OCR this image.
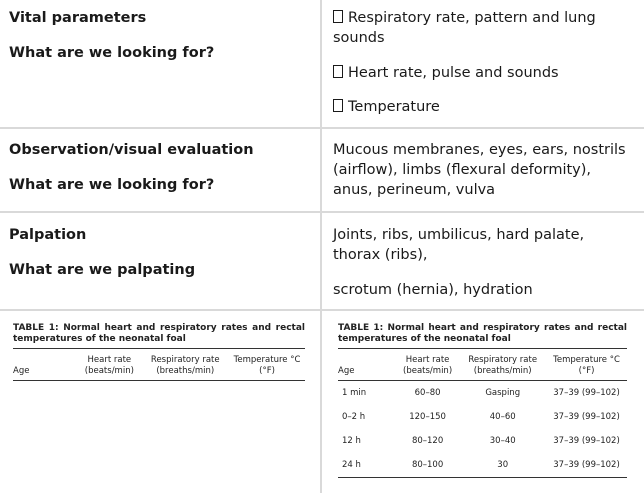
Vital parameters

What are we looking for?

Respiratory rate, pattern and lung sounds

Heart rate, pulse and sounds

Temperature

Observation/visual evaluation

What are we looking for?

Mucous membranes, eyes, ears, nostrils (airflow), limbs (flexural deformity), anus, perineum, vulva

Palpation

What are we palpating

Joints, ribs, umbilicus, hard palate, thorax (ribs),

scrotum (hernia), hydration

TABLE 1: Normal heart and respiratory rates and rectal temperatures of the neonatal foal
Age	Heart rate (beats/min)	Respiratory rate (breaths/min)	Temperature °C (°F)
TABLE 1: Normal heart and respiratory rates and rectal temperatures of the neonatal foal
Age	Heart rate (beats/min)	Respiratory rate (breaths/min)	Temperature °C (°F)
1 min	60–80	Gasping	37–39 (99–102)
0–2 h	120–150	40–60	37–39 (99–102)
12 h	80–120	30–40	37–39 (99–102)
24 h	80–100	30	37–39 (99–102)
